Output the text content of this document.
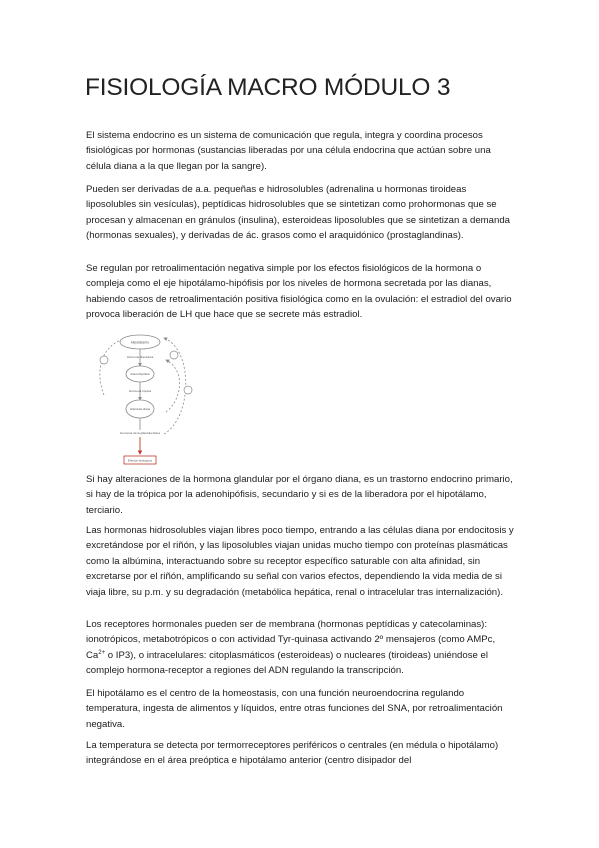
FISIOLOGÍA MACRO MÓDULO 3

El sistema endocrino es un sistema de comunicación que regula, integra y coordina procesos fisiológicas por hormonas (sustancias liberadas por una célula endocrina que actúan sobre una célula diana a la que llegan por la sangre).

Pueden ser derivadas de a.a. pequeñas e hidrosolubles (adrenalina u hormonas tiroideas liposolubles sin vesículas), peptídicas hidrosolubles que se sintetizan como prohormonas que se procesan y almacenan en gránulos (insulina), esteroideas liposolubles que se sintetizan a demanda (hormonas sexuales), y derivadas de ác. grasos como el araquidónico (prostaglandinas).

Se regulan por retroalimentación negativa simple por los efectos fisiológicos de la hormona o compleja como el eje hipotálamo-hipófisis por los niveles de hormona secretada por las dianas, habiendo casos de retroalimentación positiva fisiológica como en la ovulación: el estradiol del ovario provoca liberación de LH que hace que se secrete más estradiol.

Hipotálamo
Hormona liberadora
Adenohipófisis
Hormona trópica
Glándula diana
Hormona de la glándula diana
Efectos biológicos

Si hay alteraciones de la hormona glandular por el órgano diana, es un trastorno endocrino primario, si hay de la trópica por la adenohipófisis, secundario y si es de la liberadora por el hipotálamo, terciario.

Las hormonas hidrosolubles viajan libres poco tiempo, entrando a las células diana por endocitosis y excretándose por el riñón, y las liposolubles viajan unidas mucho tiempo con proteínas plasmáticas como la albúmina, interactuando sobre su receptor específico saturable con alta afinidad, sin excretarse por el riñón, amplificando su señal con varios efectos, dependiendo la vida media de si viaja libre, su p.m. y su degradación (metabólica hepática, renal o intracelular tras internalización).

Los receptores hormonales pueden ser de membrana (hormonas peptídicas y catecolaminas): ionotrópicos, metabotrópicos o con actividad Tyr-quinasa activando 2º mensajeros (como AMPc, $Ca^{2+}$ o IP3), o intracelulares: citoplasmáticos (esteroideas) o nucleares (tiroideas) uniéndose el complejo hormona-receptor a regiones del ADN regulando la transcripción.

El hipotálamo es el centro de la homeostasis, con una función neuroendocrina regulando temperatura, ingesta de alimentos y líquidos, entre otras funciones del SNA, por retroalimentación negativa.

La temperatura se detecta por termorreceptores periféricos o centrales (en médula o hipotálamo) integrándose en el área preóptica e hipotálamo anterior (centro disipador del
